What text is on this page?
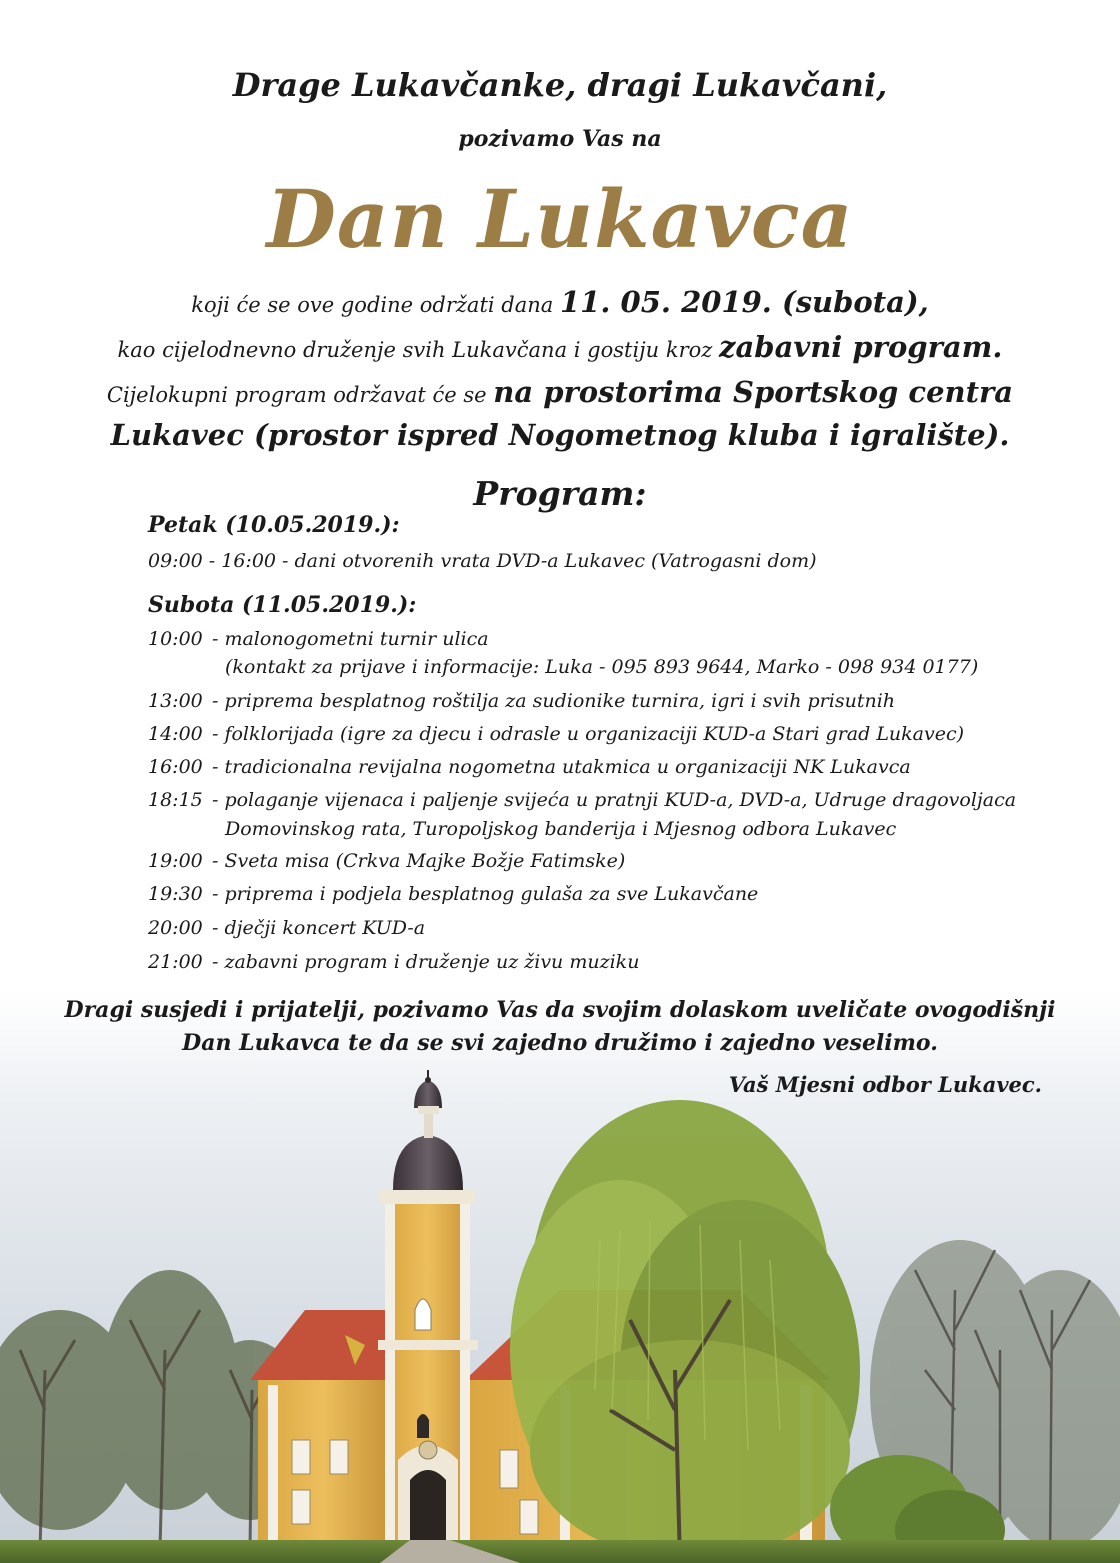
Drage Lukavčanke, dragi Lukavčani,
pozivamo Vas na
Dan Lukavca
koji će se ove godine održati dana 11. 05. 2019. (subota),
kao cijelodnevno druženje svih Lukavčana i gostiju kroz zabavni program.
Cijelokupni program održavat će se na prostorima Sportskog centra
Lukavec (prostor ispred Nogometnog kluba i igralište).
Program:
Petak (10.05.2019.):
09:00 - 16:00 - dani otvorenih vrata DVD-a Lukavec (Vatrogasni dom)
Subota (11.05.2019.):
10:00 - malonogometni turnir ulica
(kontakt za prijave i informacije: Luka - 095 893 9644, Marko - 098 934 0177)
13:00 - priprema besplatnog roštilja za sudionike turnira, igri i svih prisutnih
14:00 - folklorijada (igre za djecu i odrasle u organizaciji KUD-a Stari grad Lukavec)
16:00 - tradicionalna revijalna nogometna utakmica u organizaciji NK Lukavca
18:15 - polaganje vijenaca i paljenje svijeća u pratnji KUD-a, DVD-a, Udruge dragovoljaca
Domovinskog rata, Turopoljskog banderija i Mjesnog odbora Lukavec
19:00 - Sveta misa (Crkva Majke Božje Fatimske)
19:30 - priprema i podjela besplatnog gulaša za sve Lukavčane
20:00 - dječji koncert KUD-a
21:00 - zabavni program i druženje uz živu muziku
Dragi susjedi i prijatelji, pozivamo Vas da svojim dolaskom uveličate ovogodišnji
Dan Lukavca te da se svi zajedno družimo i zajedno veselimo.
Vaš Mjesni odbor Lukavec.
